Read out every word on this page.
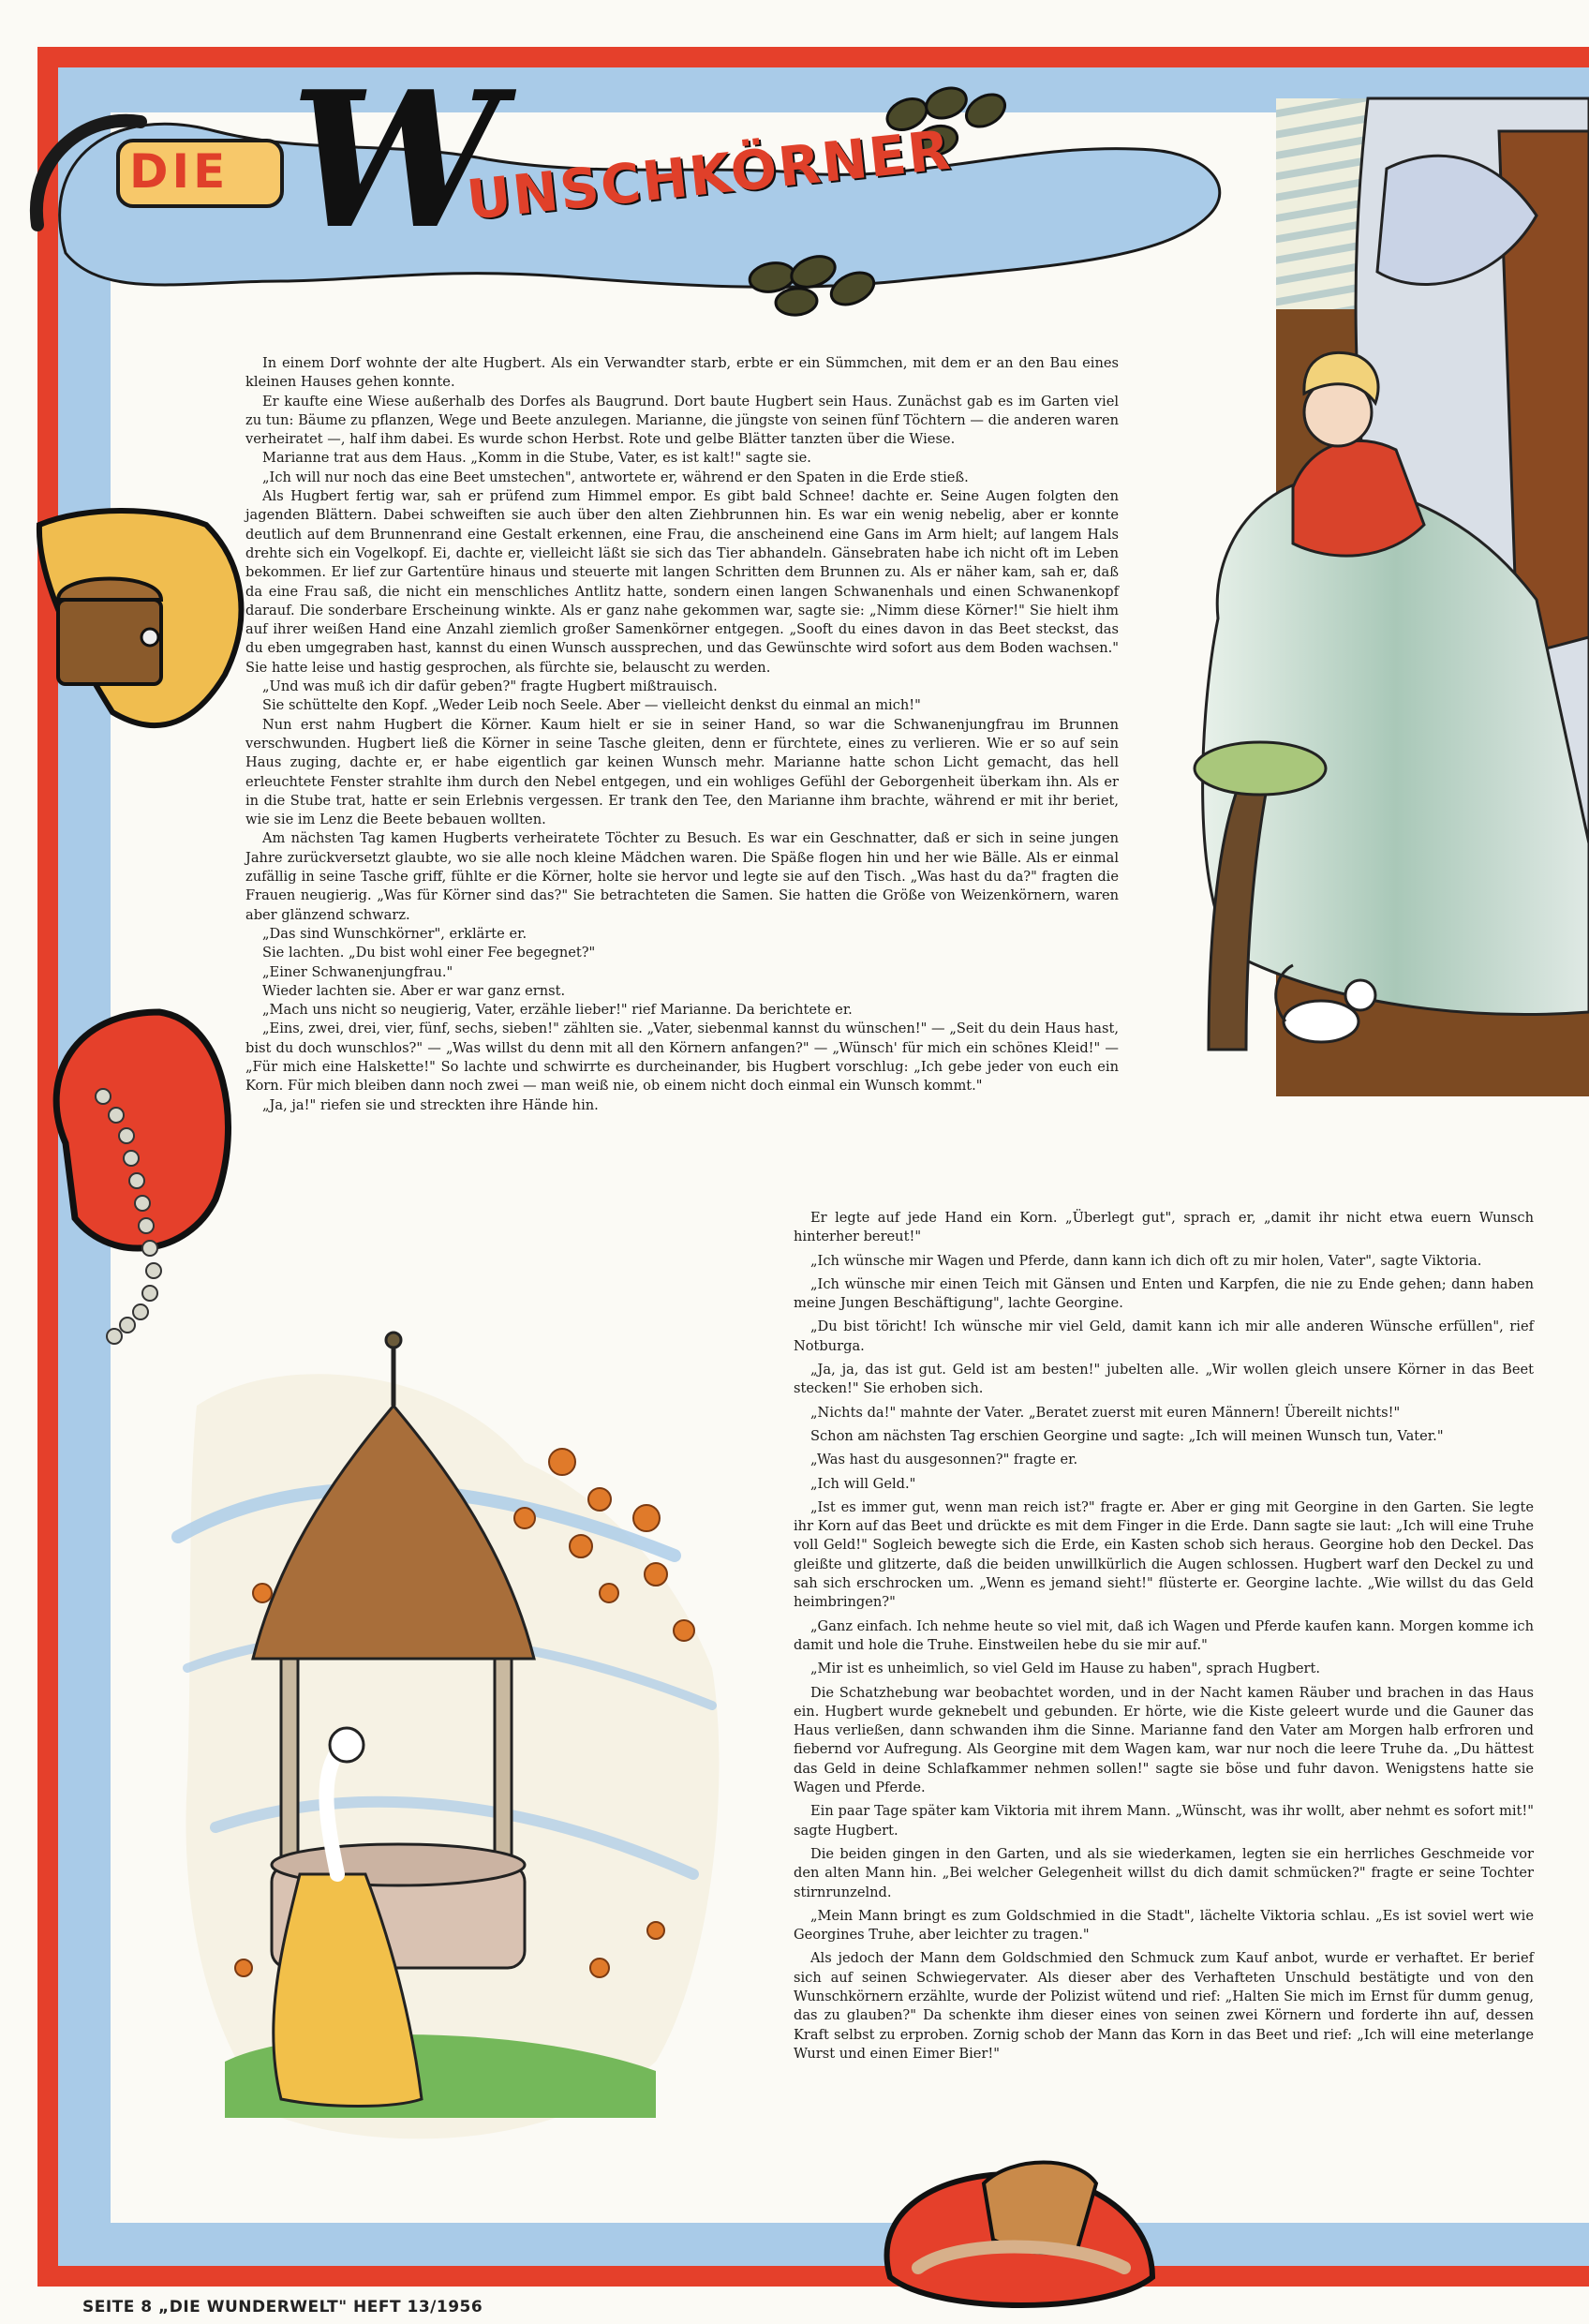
DIE W
UNSCHKÖRNER

In einem Dorf wohnte der alte Hugbert. Als ein Verwandter starb, erbte er ein Sümmchen, mit dem er an den Bau eines kleinen Hauses gehen konnte.

Er kaufte eine Wiese außerhalb des Dorfes als Baugrund. Dort baute Hugbert sein Haus. Zunächst gab es im Garten viel zu tun: Bäume zu pflanzen, Wege und Beete anzulegen. Marianne, die jüngste von seinen fünf Töchtern — die anderen waren verheiratet —, half ihm dabei. Es wurde schon Herbst. Rote und gelbe Blätter tanzten über die Wiese.

Marianne trat aus dem Haus. „Komm in die Stube, Vater, es ist kalt!" sagte sie.

„Ich will nur noch das eine Beet umstechen", antwortete er, während er den Spaten in die Erde stieß.

Als Hugbert fertig war, sah er prüfend zum Himmel empor. Es gibt bald Schnee! dachte er. Seine Augen folgten den jagenden Blättern. Dabei schweiften sie auch über den alten Ziehbrunnen hin. Es war ein wenig nebelig, aber er konnte deutlich auf dem Brunnenrand eine Gestalt erkennen, eine Frau, die anscheinend eine Gans im Arm hielt; auf langem Hals drehte sich ein Vogelkopf. Ei, dachte er, vielleicht läßt sie sich das Tier abhandeln. Gänsebraten habe ich nicht oft im Leben bekommen. Er lief zur Gartentüre hinaus und steuerte mit langen Schritten dem Brunnen zu. Als er näher kam, sah er, daß da eine Frau saß, die nicht ein menschliches Antlitz hatte, sondern einen langen Schwanenhals und einen Schwanenkopf darauf. Die sonderbare Erscheinung winkte. Als er ganz nahe gekommen war, sagte sie: „Nimm diese Körner!" Sie hielt ihm auf ihrer weißen Hand eine Anzahl ziemlich großer Samenkörner entgegen. „Sooft du eines davon in das Beet steckst, das du eben umgegraben hast, kannst du einen Wunsch aussprechen, und das Gewünschte wird sofort aus dem Boden wachsen." Sie hatte leise und hastig gesprochen, als fürchte sie, belauscht zu werden.

„Und was muß ich dir dafür geben?" fragte Hugbert mißtrauisch.

Sie schüttelte den Kopf. „Weder Leib noch Seele. Aber — vielleicht denkst du einmal an mich!"

Nun erst nahm Hugbert die Körner. Kaum hielt er sie in seiner Hand, so war die Schwanenjungfrau im Brunnen verschwunden. Hugbert ließ die Körner in seine Tasche gleiten, denn er fürchtete, eines zu verlieren. Wie er so auf sein Haus zuging, dachte er, er habe eigentlich gar keinen Wunsch mehr. Marianne hatte schon Licht gemacht, das hell erleuchtete Fenster strahlte ihm durch den Nebel entgegen, und ein wohliges Gefühl der Geborgenheit überkam ihn. Als er in die Stube trat, hatte er sein Erlebnis vergessen. Er trank den Tee, den Marianne ihm brachte, während er mit ihr beriet, wie sie im Lenz die Beete bebauen wollten.

Am nächsten Tag kamen Hugberts verheiratete Töchter zu Besuch. Es war ein Geschnatter, daß er sich in seine jungen Jahre zurückversetzt glaubte, wo sie alle noch kleine Mädchen waren. Die Späße flogen hin und her wie Bälle. Als er einmal zufällig in seine Tasche griff, fühlte er die Körner, holte sie hervor und legte sie auf den Tisch. „Was hast du da?" fragten die Frauen neugierig. „Was für Körner sind das?" Sie betrachteten die Samen. Sie hatten die Größe von Weizenkörnern, waren aber glänzend schwarz.

„Das sind Wunschkörner", erklärte er.

Sie lachten. „Du bist wohl einer Fee begegnet?"

„Einer Schwanenjungfrau."

Wieder lachten sie. Aber er war ganz ernst.

„Mach uns nicht so neugierig, Vater, erzähle lieber!" rief Marianne. Da berichtete er.

„Eins, zwei, drei, vier, fünf, sechs, sieben!" zählten sie. „Vater, siebenmal kannst du wünschen!" — „Seit du dein Haus hast, bist du doch wunschlos?" — „Was willst du denn mit all den Körnern anfangen?" — „Wünsch' für mich ein schönes Kleid!" — „Für mich eine Halskette!" So lachte und schwirrte es durcheinander, bis Hugbert vorschlug: „Ich gebe jeder von euch ein Korn. Für mich bleiben dann noch zwei — man weiß nie, ob einem nicht doch einmal ein Wunsch kommt."

„Ja, ja!" riefen sie und streckten ihre Hände hin.

Er legte auf jede Hand ein Korn. „Überlegt gut", sprach er, „damit ihr nicht etwa euern Wunsch hinterher bereut!"

„Ich wünsche mir Wagen und Pferde, dann kann ich dich oft zu mir holen, Vater", sagte Viktoria.

„Ich wünsche mir einen Teich mit Gänsen und Enten und Karpfen, die nie zu Ende gehen; dann haben meine Jungen Beschäftigung", lachte Georgine.

„Du bist töricht! Ich wünsche mir viel Geld, damit kann ich mir alle anderen Wünsche erfüllen", rief Notburga.

„Ja, ja, das ist gut. Geld ist am besten!" jubelten alle. „Wir wollen gleich unsere Körner in das Beet stecken!" Sie erhoben sich.

„Nichts da!" mahnte der Vater. „Beratet zuerst mit euren Männern! Übereilt nichts!"

Schon am nächsten Tag erschien Georgine und sagte: „Ich will meinen Wunsch tun, Vater."

„Was hast du ausgesonnen?" fragte er.

„Ich will Geld."

„Ist es immer gut, wenn man reich ist?" fragte er. Aber er ging mit Georgine in den Garten. Sie legte ihr Korn auf das Beet und drückte es mit dem Finger in die Erde. Dann sagte sie laut: „Ich will eine Truhe voll Geld!" Sogleich bewegte sich die Erde, ein Kasten schob sich heraus. Georgine hob den Deckel. Das gleißte und glitzerte, daß die beiden unwillkürlich die Augen schlossen. Hugbert warf den Deckel zu und sah sich erschrocken um. „Wenn es jemand sieht!" flüsterte er. Georgine lachte. „Wie willst du das Geld heimbringen?"

„Ganz einfach. Ich nehme heute so viel mit, daß ich Wagen und Pferde kaufen kann. Morgen komme ich damit und hole die Truhe. Einstweilen hebe du sie mir auf."

„Mir ist es unheimlich, so viel Geld im Hause zu haben", sprach Hugbert.

Die Schatzhebung war beobachtet worden, und in der Nacht kamen Räuber und brachen in das Haus ein. Hugbert wurde geknebelt und gebunden. Er hörte, wie die Kiste geleert wurde und die Gauner das Haus verließen, dann schwanden ihm die Sinne. Marianne fand den Vater am Morgen halb erfroren und fiebernd vor Aufregung. Als Georgine mit dem Wagen kam, war nur noch die leere Truhe da. „Du hättest das Geld in deine Schlafkammer nehmen sollen!" sagte sie böse und fuhr davon. Wenigstens hatte sie Wagen und Pferde.

Ein paar Tage später kam Viktoria mit ihrem Mann. „Wünscht, was ihr wollt, aber nehmt es sofort mit!" sagte Hugbert.

Die beiden gingen in den Garten, und als sie wiederkamen, legten sie ein herrliches Geschmeide vor den alten Mann hin. „Bei welcher Gelegenheit willst du dich damit schmücken?" fragte er seine Tochter stirnrunzelnd.

„Mein Mann bringt es zum Goldschmied in die Stadt", lächelte Viktoria schlau. „Es ist soviel wert wie Georgines Truhe, aber leichter zu tragen."

Als jedoch der Mann dem Goldschmied den Schmuck zum Kauf anbot, wurde er verhaftet. Er berief sich auf seinen Schwiegervater. Als dieser aber des Verhafteten Unschuld bestätigte und von den Wunschkörnern erzählte, wurde der Polizist wütend und rief: „Halten Sie mich im Ernst für dumm genug, das zu glauben?" Da schenkte ihm dieser eines von seinen zwei Körnern und forderte ihn auf, dessen Kraft selbst zu erproben. Zornig schob der Mann das Korn in das Beet und rief: „Ich will eine meterlange Wurst und einen Eimer Bier!"

SEITE 8 „DIE WUNDERWELT" HEFT 13/1956
